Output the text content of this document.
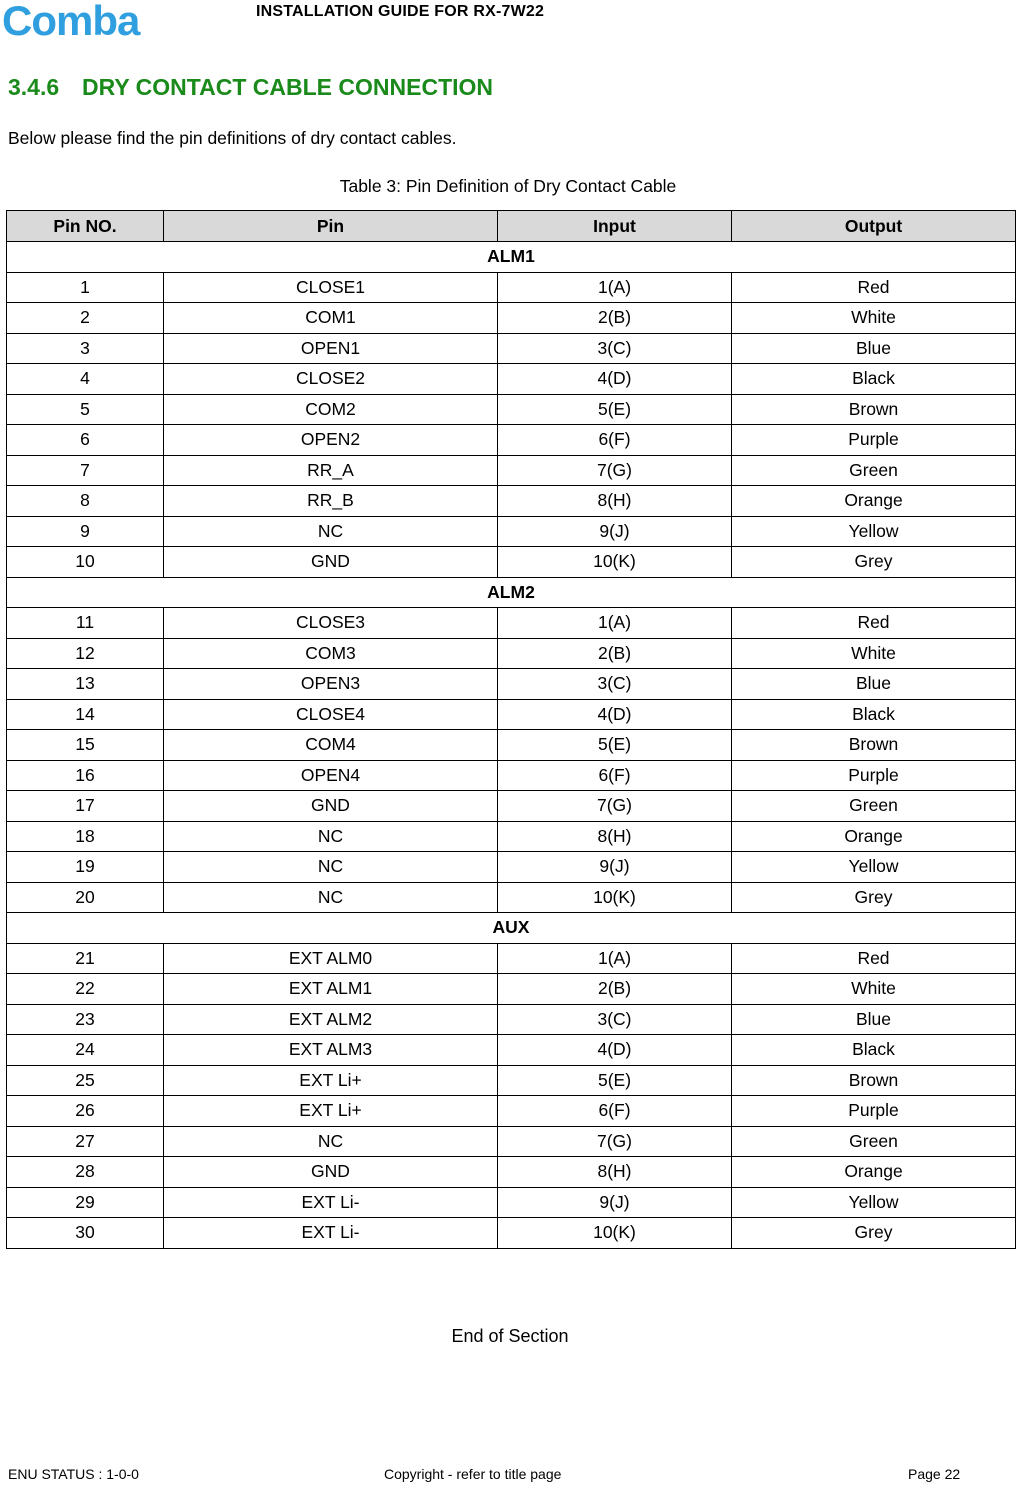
Comba	INSTALLATION GUIDE FOR RX-7W22
3.4.6 DRY CONTACT CABLE CONNECTION
Below please find the pin definitions of dry contact cables.
Table 3: Pin Definition of Dry Contact Cable
Pin NO.	Pin	Input	Output
ALM1			
1	CLOSE1	1(A)	Red
2	COM1	2(B)	White
3	OPEN1	3(C)	Blue
4	CLOSE2	4(D)	Black
5	COM2	5(E)	Brown
6	OPEN2	6(F)	Purple
7	RR_A	7(G)	Green
8	RR_B	8(H)	Orange
9	NC	9(J)	Yellow
10	GND	10(K)	Grey
ALM2			
11	CLOSE3	1(A)	Red
12	COM3	2(B)	White
13	OPEN3	3(C)	Blue
14	CLOSE4	4(D)	Black
15	COM4	5(E)	Brown
16	OPEN4	6(F)	Purple
17	GND	7(G)	Green
18	NC	8(H)	Orange
19	NC	9(J)	Yellow
20	NC	10(K)	Grey
AUX			
21	EXT ALM0	1(A)	Red
22	EXT ALM1	2(B)	White
23	EXT ALM2	3(C)	Blue
24	EXT ALM3	4(D)	Black
25	EXT Li+	5(E)	Brown
26	EXT Li+	6(F)	Purple
27	NC	7(G)	Green
28	GND	8(H)	Orange
29	EXT Li-	9(J)	Yellow
30	EXT Li-	10(K)	Grey
End of Section
ENU STATUS : 1-0-0	Copyright - refer to title page	Page 22
